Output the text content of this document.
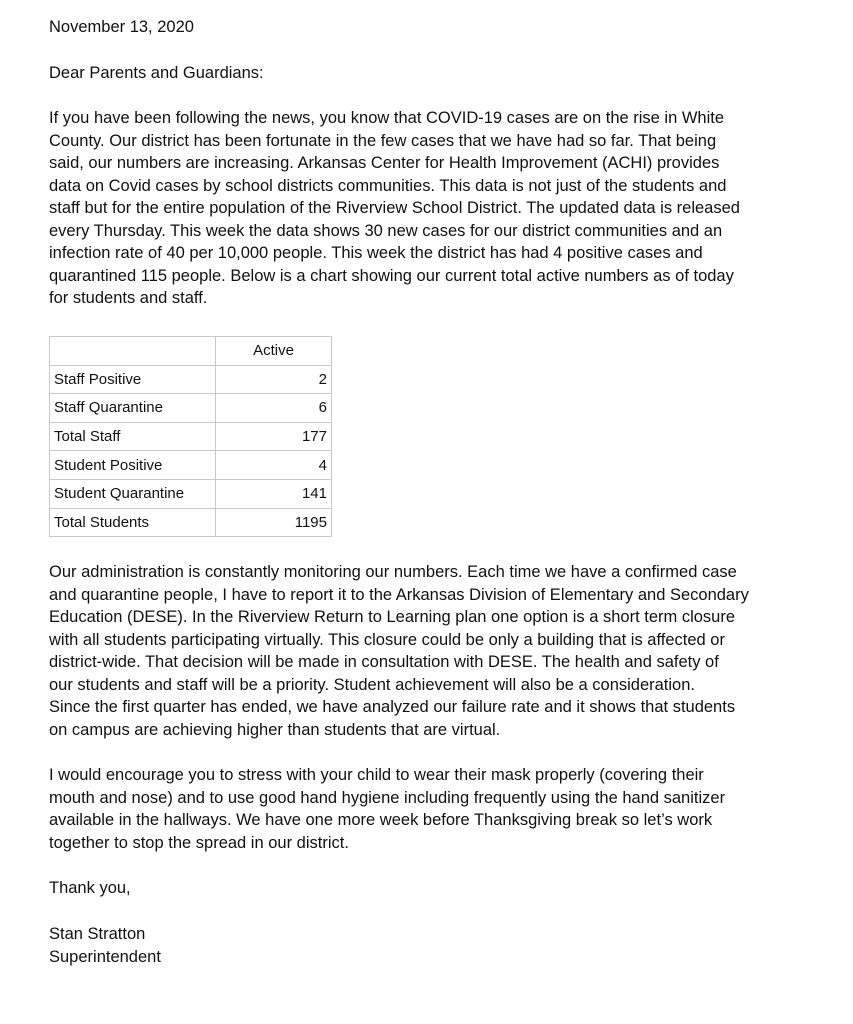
November 13, 2020
Dear Parents and Guardians:
If you have been following the news, you know that COVID-19 cases are on the rise in White
County. Our district has been fortunate in the few cases that we have had so far. That being
said, our numbers are increasing. Arkansas Center for Health Improvement (ACHI) provides
data on Covid cases by school districts communities. This data is not just of the students and
staff but for the entire population of the Riverview School District. The updated data is released
every Thursday. This week the data shows 30 new cases for our district communities and an
infection rate of 40 per 10,000 people. This week the district has had 4 positive cases and
quarantined 115 people. Below is a chart showing our current total active numbers as of today
for students and staff.
	Active
Staff Positive	2
Staff Quarantine	6
Total Staff	177
Student Positive	4
Student Quarantine	141
Total Students	1195
Our administration is constantly monitoring our numbers. Each time we have a confirmed case
and quarantine people, I have to report it to the Arkansas Division of Elementary and Secondary
Education (DESE). In the Riverview Return to Learning plan one option is a short term closure
with all students participating virtually. This closure could be only a building that is affected or
district-wide. That decision will be made in consultation with DESE. The health and safety of
our students and staff will be a priority. Student achievement will also be a consideration.
Since the first quarter has ended, we have analyzed our failure rate and it shows that students
on campus are achieving higher than students that are virtual.
I would encourage you to stress with your child to wear their mask properly (covering their
mouth and nose) and to use good hand hygiene including frequently using the hand sanitizer
available in the hallways. We have one more week before Thanksgiving break so let’s work
together to stop the spread in our district.
Thank you,
Stan Stratton
Superintendent
